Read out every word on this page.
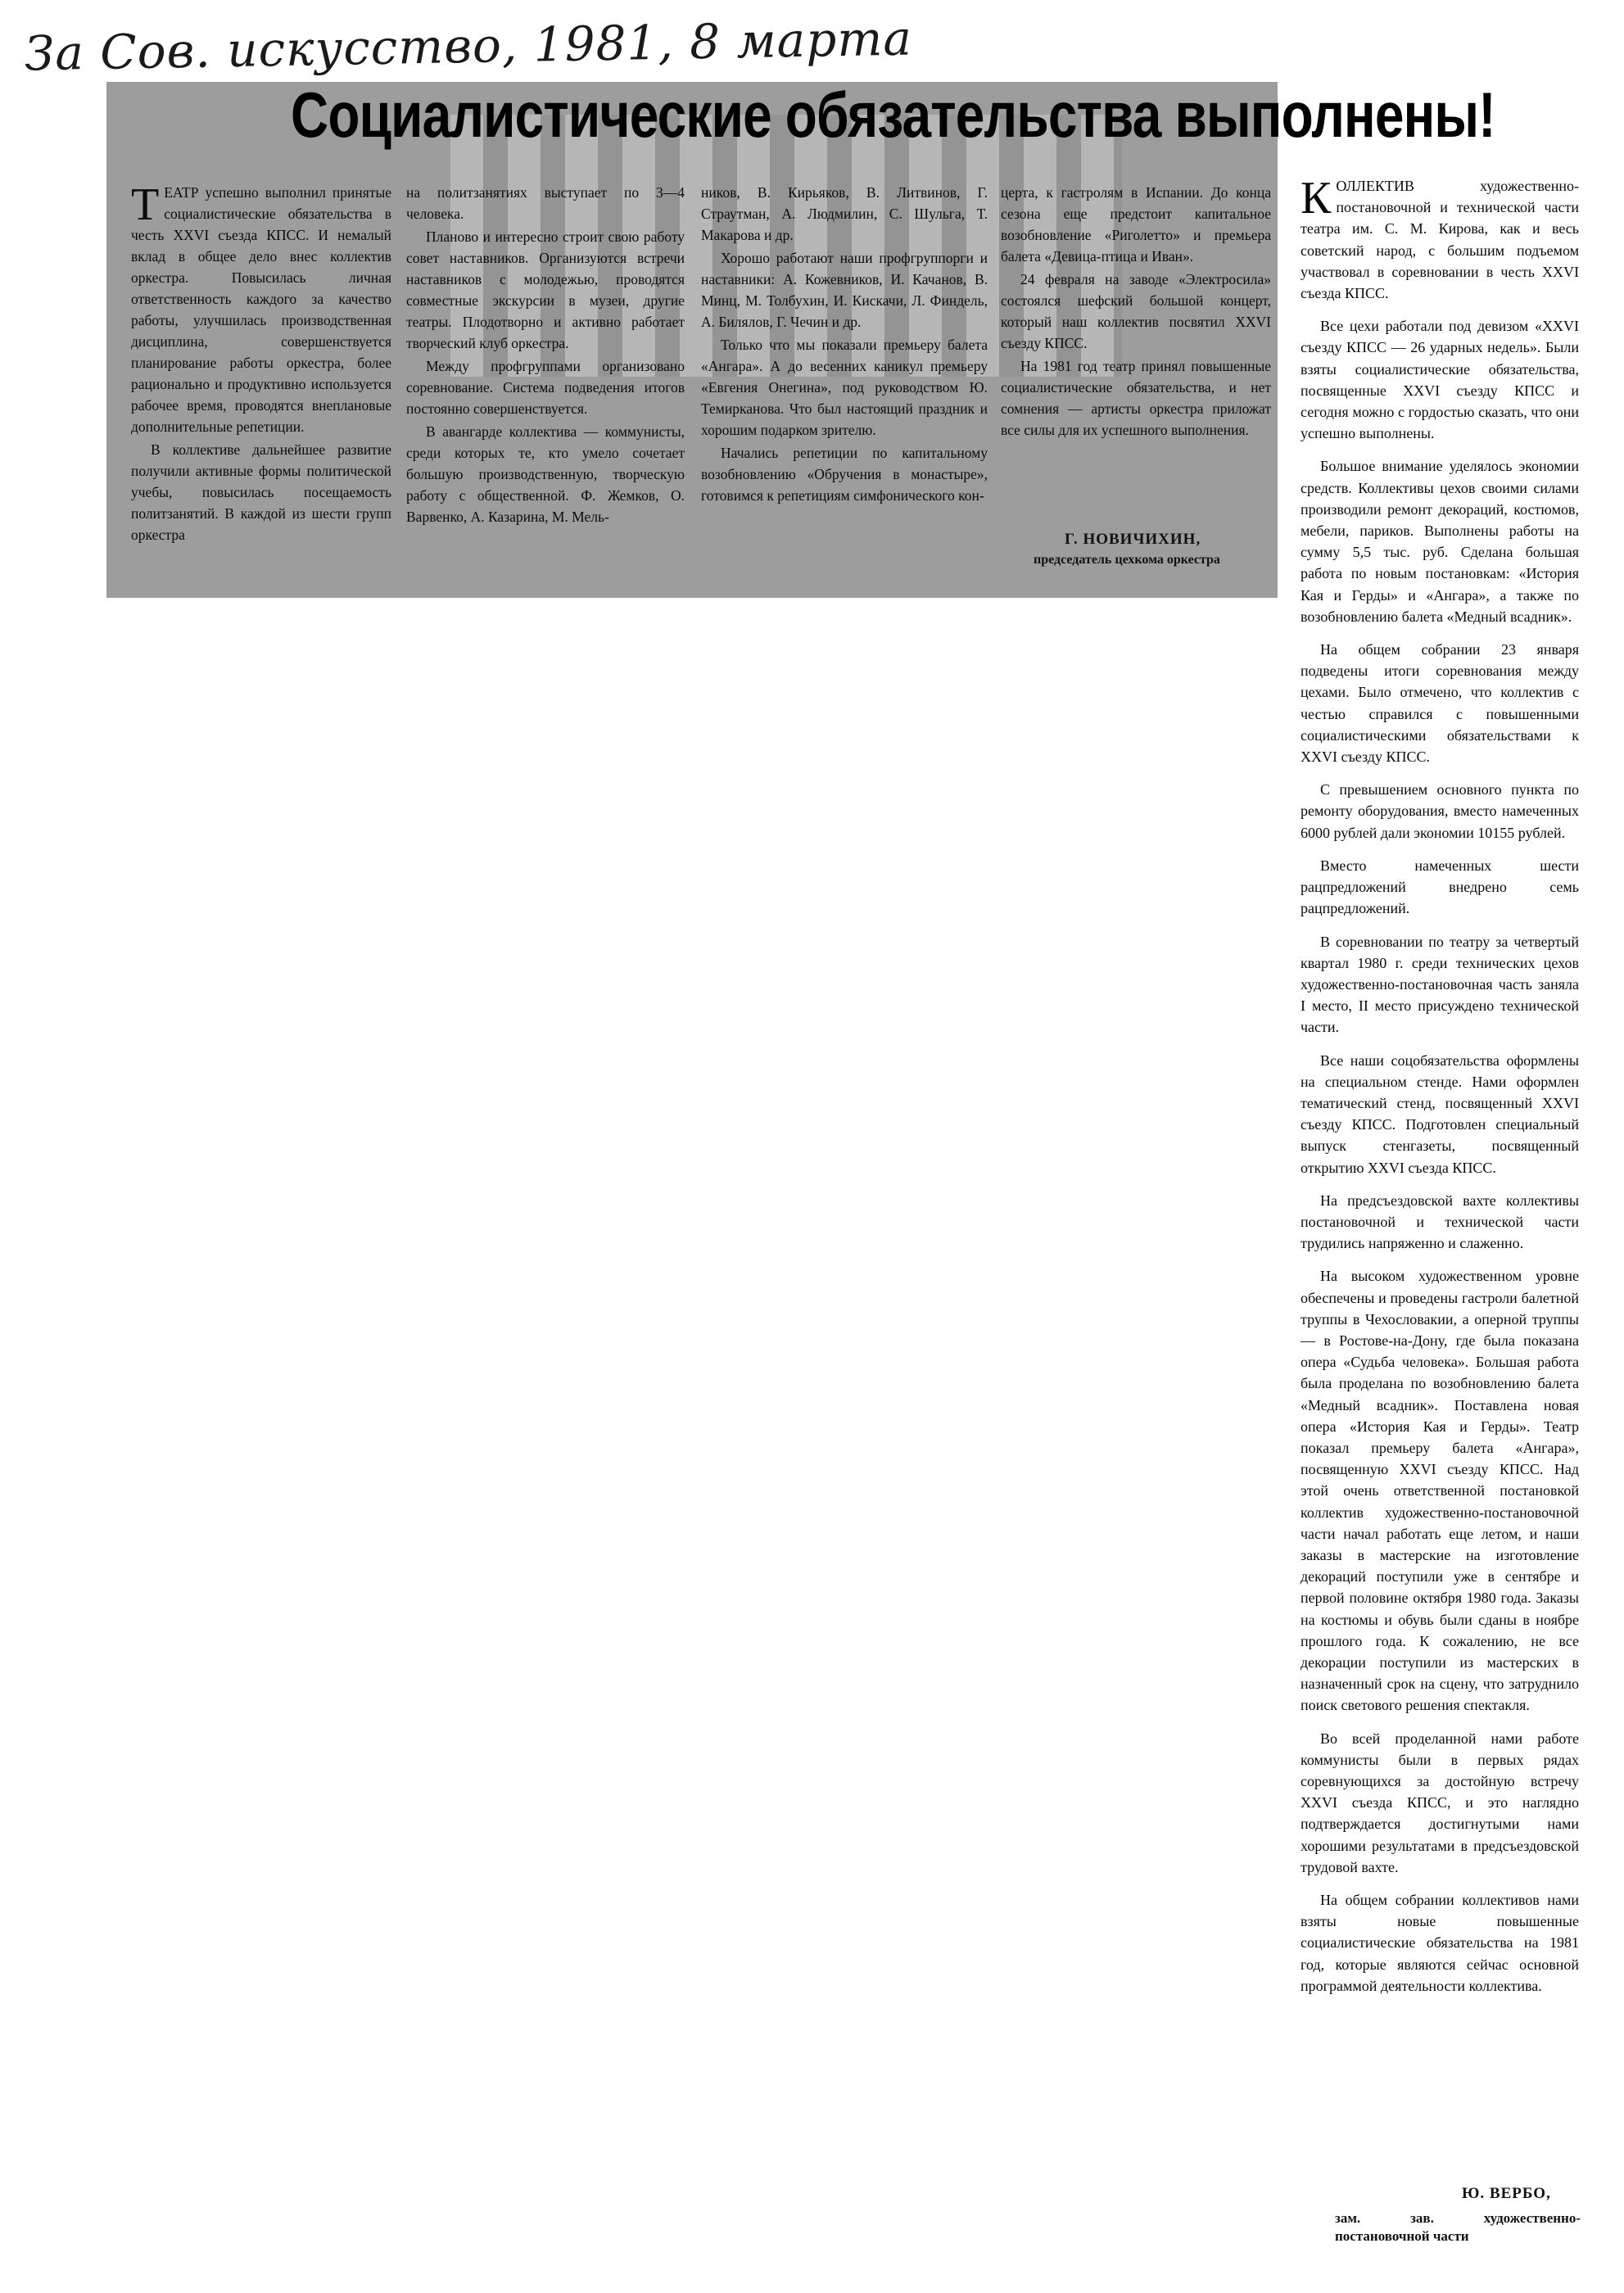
За Сов. искусство, 1981, 8 марта
Социалистические обязательства выполнены!
Т ЕАТР успешно выполнил принятые социалистические обязательства в честь XXVI съезда КПСС. И немалый вклад в общее дело внес коллектив оркестра. Повысилась личная ответственность каждого за качество работы, улучшилась производственная дисциплина, совершенствуется планирование работы оркестра, более рационально и продуктивно используется рабочее время, проводятся внеплановые дополнительные репетиции.

В коллективе дальнейшее развитие получили активные формы политической учебы, повысилась посещаемость политзанятий. В каждой из шести групп оркестра

на политзанятиях выступает по 3—4 человека.

Планово и интересно строит свою работу совет наставников. Организуются встречи наставников с молодежью, проводятся совместные экскурсии в музеи, другие театры. Плодотворно и активно работает творческий клуб оркестра.

Между профгруппами организовано соревнование. Система подведения итогов постоянно совершенствуется.

В авангарде коллектива — коммунисты, среди которых те, кто умело сочетает большую производственную, творческую работу с общественной. Ф. Жемков, О. Варвенко, А. Казарина, М. Мель-

ников, В. Кирьяков, В. Литвинов, Г. Страутман, А. Людмилин, С. Шульга, Т. Макарова и др.

Хорошо работают наши профгруппорги и наставники: А. Кожевников, И. Качанов, В. Минц, М. Толбухин, И. Кискачи, Л. Финдель, А. Билялов, Г. Чечин и др.

Только что мы показали премьеру балета «Ангара». А до весенних каникул премьеру «Евгения Онегина», под руководством Ю. Темирканова. Что был настоящий праздник и хорошим подарком зрителю.

Начались репетиции по капитальному возобновлению «Обручения в монастыре», готовимся к репетициям симфонического кон-

церта, к гастролям в Испании. До конца сезона еще предстоит капитальное возобновление «Риголетто» и премьера балета «Девица-птица и Иван».

24 февраля на заводе «Электросила» состоялся шефский большой концерт, который наш коллектив посвятил XXVI съезду КПСС.

На 1981 год театр принял повышенные социалистические обязательства, и нет сомнения — артисты оркестра приложат все силы для их успешного выполнения.

Г. НОВИЧИХИН,
председатель цехкома оркестра
К ОЛЛЕКТИВ художественно-постановочной и технической части театра им. С. М. Кирова, как и весь советский народ, с большим подъемом участвовал в соревновании в честь XXVI съезда КПСС.

Все цехи работали под девизом «XXVI съезду КПСС — 26 ударных недель». Были взяты социалистические обязательства, посвященные XXVI съезду КПСС и сегодня можно с гордостью сказать, что они успешно выполнены.

Большое внимание уделялось экономии средств. Коллективы цехов своими силами производили ремонт декораций, костюмов, мебели, париков. Выполнены работы на сумму 5,5 тыс. руб. Сделана большая работа по новым постановкам: «История Кая и Герды» и «Ангара», а также по возобновлению балета «Медный всадник».

На общем собрании 23 января подведены итоги соревнования между цехами. Было отмечено, что коллектив с честью справился с повышенными социалистическими обязательствами к XXVI съезду КПСС.

С превышением основного пункта по ремонту оборудования, вместо намеченных 6000 рублей дали экономии 10155 рублей.

Вместо намеченных шести рацпредложений внедрено семь рацпредложений.

В соревновании по театру за четвертый квартал 1980 г. среди технических цехов художественно-постановочная часть заняла I место, II место присуждено технической части.

Все наши соцобязательства оформлены на специальном стенде. Нами оформлен тематический стенд, посвященный XXVI съезду КПСС. Подготовлен специальный выпуск стенгазеты, посвященный открытию XXVI съезда КПСС.

На предсъездовской вахте коллективы постановочной и технической части трудились напряженно и слаженно.

На высоком художественном уровне обеспечены и проведены гастроли балетной труппы в Чехословакии, а оперной труппы — в Ростове-на-Дону, где была показана опера «Судьба человека». Большая работа была проделана по возобновлению балета «Медный всадник». Поставлена новая опера «История Кая и Герды». Театр показал премьеру балета «Ангара», посвященную XXVI съезду КПСС. Над этой очень ответственной постановкой коллектив художественно-постановочной части начал работать еще летом, и наши заказы в мастерские на изготовление декораций поступили уже в сентябре и первой половине октября 1980 года. Заказы на костюмы и обувь были сданы в ноябре прошлого года. К сожалению, не все декорации поступили из мастерских в назначенный срок на сцену, что затруднило поиск светового решения спектакля.

Во всей проделанной нами работе коммунисты были в первых рядах соревнующихся за достойную встречу XXVI съезда КПСС, и это наглядно подтверждается достигнутыми нами хорошими результатами в предсъездовской трудовой вахте.

На общем собрании коллективов нами взяты новые повышенные социалистические обязательства на 1981 год, которые являются сейчас основной программой деятельности коллектива.

Ю. ВЕРБО,
зам. зав. художественно-постановочной части
